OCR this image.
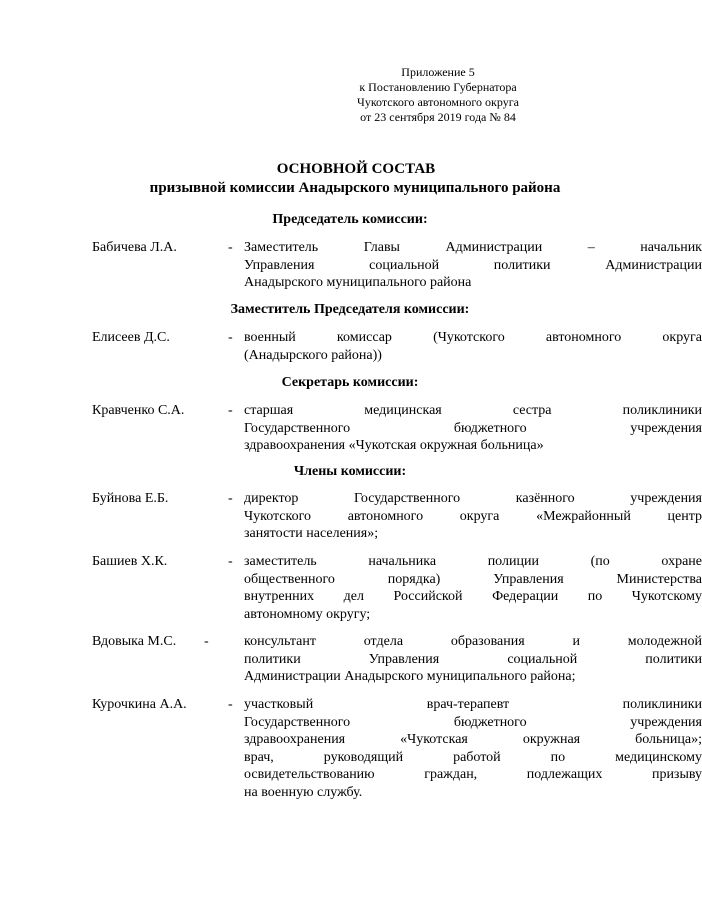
Приложение 5
к Постановлению Губернатора
Чукотского автономного округа
от 23 сентября 2019 года № 84
ОСНОВНОЙ СОСТАВ
призывной комиссии Анадырского муниципального района
Председатель комиссии:
Бабичева Л.А.	- Заместитель Главы Администрации – начальник
Управления социальной политики Администрации
Анадырского муниципального района
Заместитель Председателя комиссии:
Елисеев Д.С.	- военный комиссар (Чукотского автономного округа
(Анадырского района))
Секретарь комиссии:
Кравченко С.А.	- старшая медицинская сестра поликлиники
Государственного бюджетного учреждения
здравоохранения «Чукотская окружная больница»
Члены комиссии:
Буйнова Е.Б.	- директор Государственного казённого учреждения
Чукотского автономного округа «Межрайонный центр
занятости населения»;
Башиев Х.К.	- заместитель начальника полиции (по охране
общественного порядка) Управления Министерства
внутренних дел Российской Федерации по Чукотскому
автономному округу;
Вдовыка М.С. -	консультант отдела образования и молодежной
политики Управления социальной политики
Администрации Анадырского муниципального района;
Курочкина А.А.	- участковый врач-терапевт поликлиники
Государственного бюджетного учреждения
здравоохранения «Чукотская окружная больница»;
врач, руководящий работой по медицинскому
освидетельствованию граждан, подлежащих призыву
на военную службу.
